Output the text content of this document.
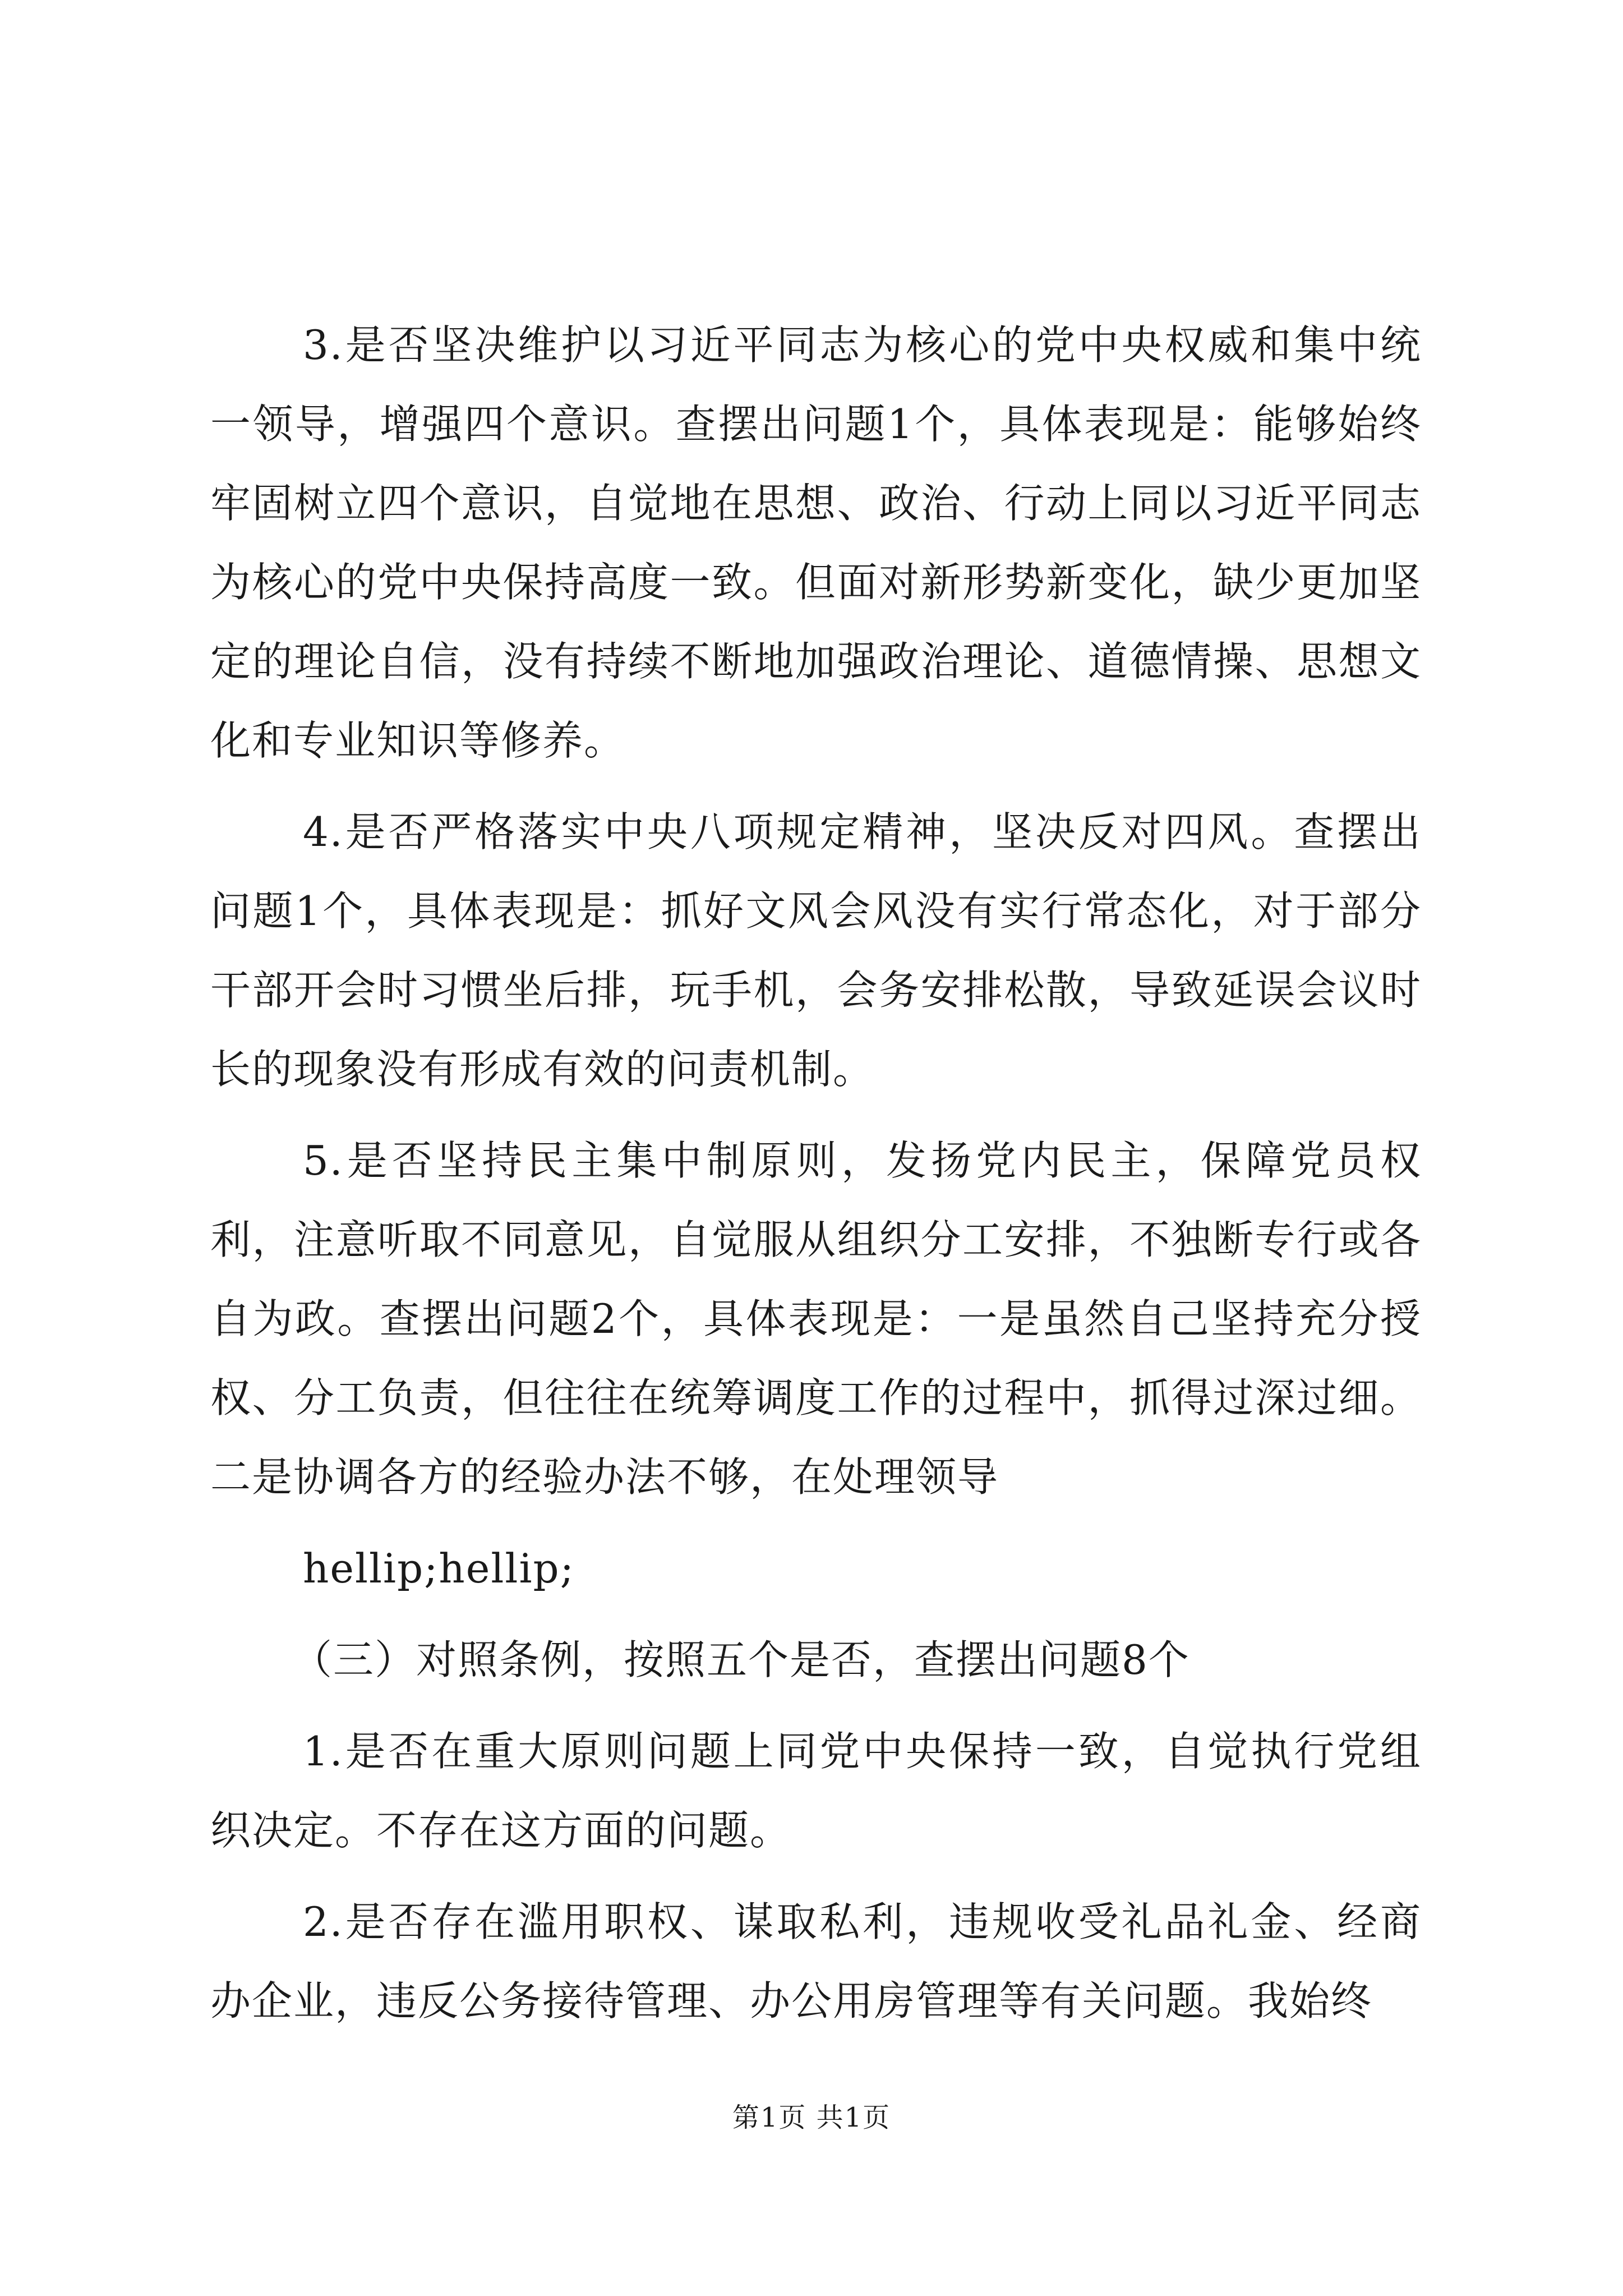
3.是否坚决维护以习近平同志为核心的党中央权威和集中统一领导，增强四个意识。查摆出问题1个，具体表现是：能够始终牢固树立四个意识，自觉地在思想、政治、行动上同以习近平同志为核心的党中央保持高度一致。但面对新形势新变化，缺少更加坚定的理论自信，没有持续不断地加强政治理论、道德情操、思想文化和专业知识等修养。

4.是否严格落实中央八项规定精神，坚决反对四风。查摆出问题1个，具体表现是：抓好文风会风没有实行常态化，对于部分干部开会时习惯坐后排，玩手机，会务安排松散，导致延误会议时长的现象没有形成有效的问责机制。

5.是否坚持民主集中制原则，发扬党内民主，保障党员权利，注意听取不同意见，自觉服从组织分工安排，不独断专行或各自为政。查摆出问题2个，具体表现是：一是虽然自己坚持充分授权、分工负责，但往往在统筹调度工作的过程中，抓得过深过细。二是协调各方的经验办法不够，在处理领导

hellip;hellip;

（三）对照条例，按照五个是否，查摆出问题8个

1.是否在重大原则问题上同党中央保持一致，自觉执行党组织决定。不存在这方面的问题。

2.是否存在滥用职权、谋取私利，违规收受礼品礼金、经商办企业，违反公务接待管理、办公用房管理等有关问题。我始终

第1页 共1页
